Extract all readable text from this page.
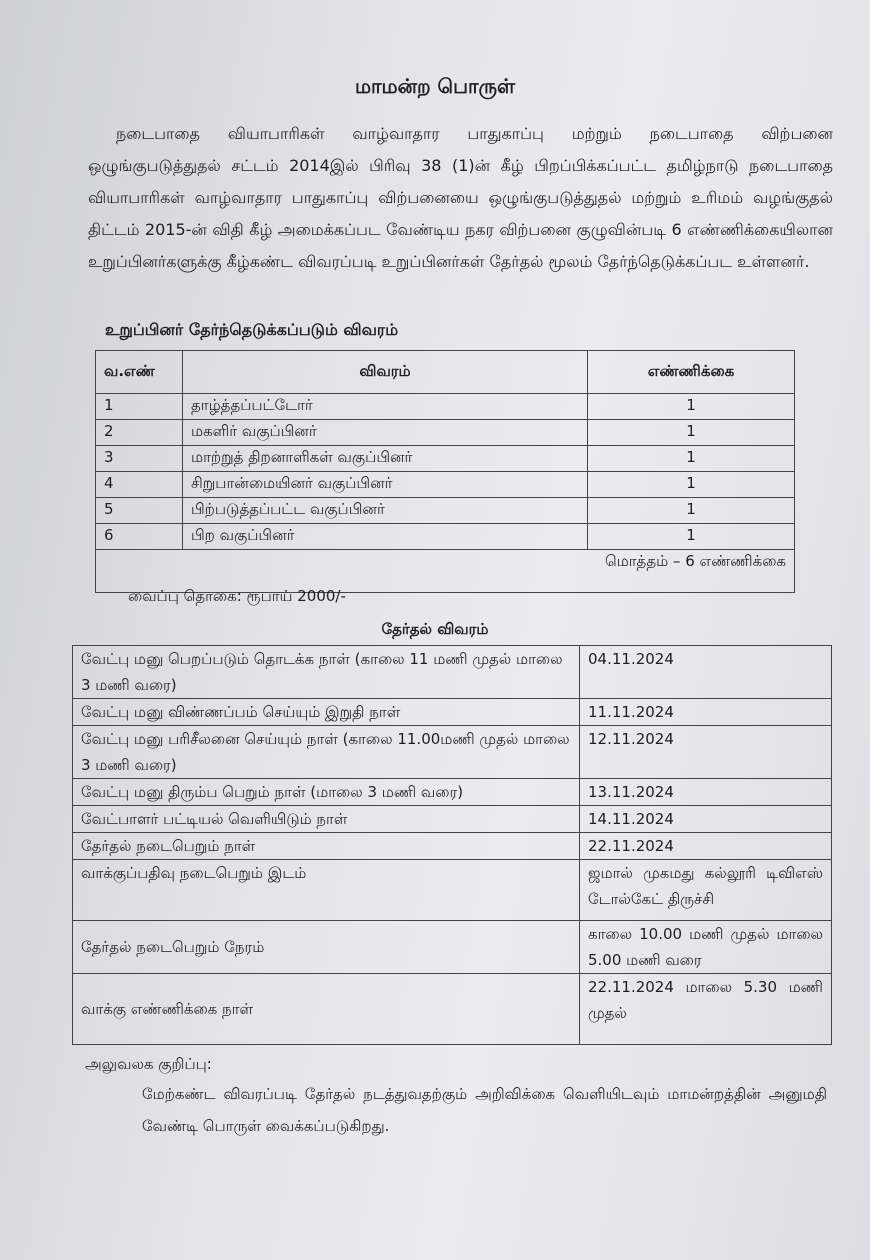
மாமன்ற பொருள்
நடைபாதை வியாபாரிகள் வாழ்வாதார பாதுகாப்பு மற்றும் நடைபாதை விற்பனை ஒழுங்குபடுத்துதல் சட்டம் 2014இல் பிரிவு 38 (1)ன் கீழ் பிறப்பிக்கப்பட்ட தமிழ்நாடு நடைபாதை வியாபாரிகள் வாழ்வாதார பாதுகாப்பு விற்பனையை ஒழுங்குபடுத்துதல் மற்றும் உரிமம் வழங்குதல் திட்டம் 2015-ன் விதி கீழ் அமைக்கப்பட வேண்டிய நகர விற்பனை குழுவின்படி 6 எண்ணிக்கையிலான உறுப்பினர்களுக்கு கீழ்கண்ட விவரப்படி உறுப்பினர்கள் தேர்தல் மூலம் தேர்ந்தெடுக்கப்பட உள்ளனர்.
உறுப்பினர் தேர்ந்தெடுக்கப்படும் விவரம்
வ.எண்	விவரம்	எண்ணிக்கை
1	தாழ்த்தப்பட்டோர்	1
2	மகளிர் வகுப்பினர்	1
3	மாற்றுத் திறனாளிகள் வகுப்பினர்	1
4	சிறுபான்மையினர் வகுப்பினர்	1
5	பிற்படுத்தப்பட்ட வகுப்பினர்	1
6	பிற வகுப்பினர்	1
மொத்தம் – 6 எண்ணிக்கை		
வைப்பு தொகை: ரூபாய் 2000/-
தேர்தல் விவரம்
வேட்பு மனு பெறப்படும் தொடக்க நாள் (காலை 11 மணி முதல் மாலை 3 மணி வரை)	04.11.2024
வேட்பு மனு விண்ணப்பம் செய்யும் இறுதி நாள்	11.11.2024
வேட்பு மனு பரிசீலனை செய்யும் நாள் (காலை 11.00மணி முதல் மாலை 3 மணி வரை)	12.11.2024
வேட்பு மனு திரும்ப பெறும் நாள் (மாலை 3 மணி வரை)	13.11.2024
வேட்பாளர் பட்டியல் வெளியிடும் நாள்	14.11.2024
தேர்தல் நடைபெறும் நாள்	22.11.2024
வாக்குப்பதிவு நடைபெறும் இடம்	ஜமால் முகமது கல்லூரி டிவிஎஸ் டோல்கேட் திருச்சி
தேர்தல் நடைபெறும் நேரம்	காலை 10.00 மணி முதல் மாலை 5.00 மணி வரை
வாக்கு எண்ணிக்கை நாள்	22.11.2024 மாலை 5.30 மணி முதல்
அலுவலக குறிப்பு:
மேற்கண்ட விவரப்படி தேர்தல் நடத்துவதற்கும் அறிவிக்கை வெளியிடவும் மாமன்றத்தின் அனுமதி வேண்டி பொருள் வைக்கப்படுகிறது.
